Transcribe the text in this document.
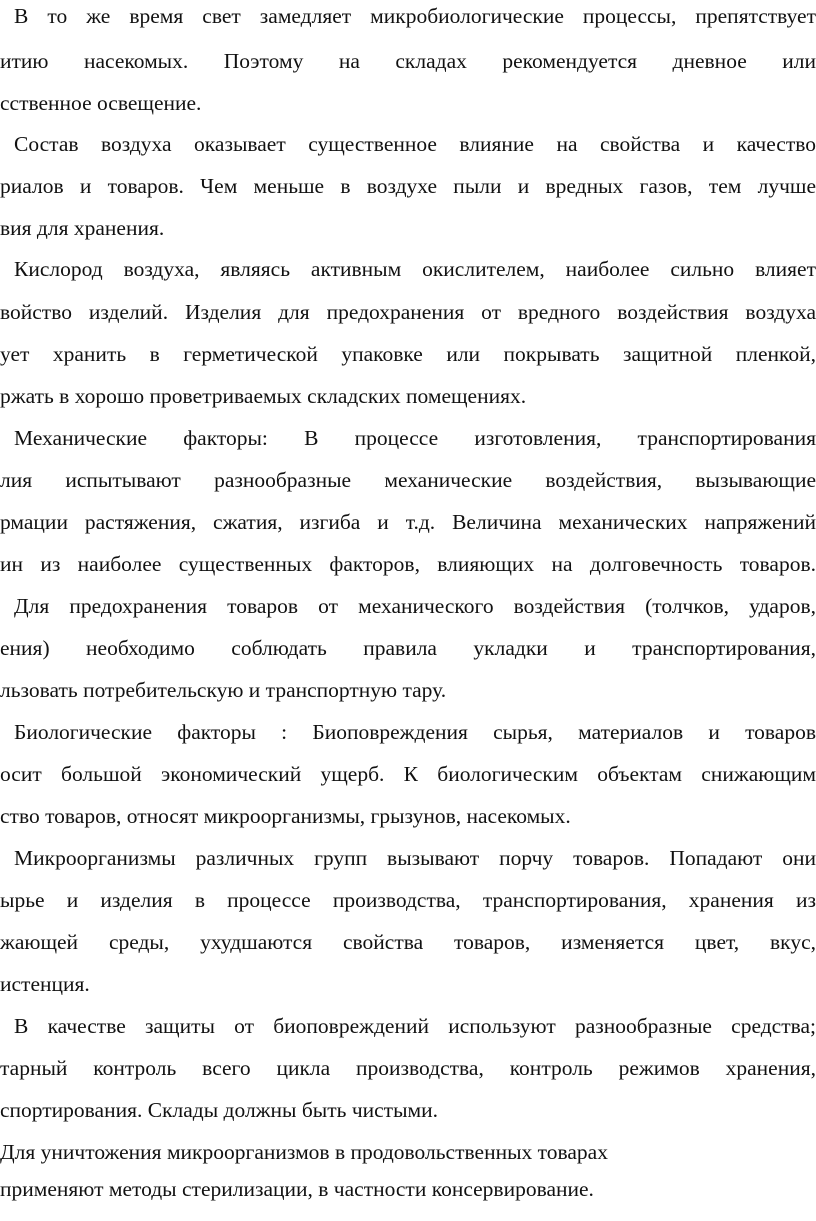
В то же время свет замедляет микробиологические процессы, препятствует
итию насекомых. Поэтому на складах рекомендуется дневное или
сственное освещение.
Состав воздуха оказывает существенное влияние на свойства и качество
риалов и товаров. Чем меньше в воздухе пыли и вредных газов, тем лучше
вия для хранения.
Кислород воздуха, являясь активным окислителем, наиболее сильно влияет
войство изделий. Изделия для предохранения от вредного воздействия воздуха
ует хранить в герметической упаковке или покрывать защитной пленкой,
ржать в хорошо проветриваемых складских помещениях.
Механические факторы: В процессе изготовления, транспортирования
лия испытывают разнообразные механические воздействия, вызывающие
рмации растяжения, сжатия, изгиба и т.д. Величина механических напряжений
ин из наиболее существенных факторов, влияющих на долговечность товаров.
Для предохранения товаров от механического воздействия (толчков, ударов,
ения) необходимо соблюдать правила укладки и транспортирования,
льзовать потребительскую и транспортную тару.
Биологические факторы : Биоповреждения сырья, материалов и товаров
осит большой экономический ущерб. К биологическим объектам снижающим
ство товаров, относят микроорганизмы, грызунов, насекомых.
Микроорганизмы различных групп вызывают порчу товаров. Попадают они
ырье и изделия в процессе производства, транспортирования, хранения из
жающей среды, ухудшаются свойства товаров, изменяется цвет, вкус,
истенция.
В качестве защиты от биоповреждений используют разнообразные средства;
тарный контроль всего цикла производства, контроль режимов хранения,
спортирования. Склады должны быть чистыми.
Для уничтожения микроорганизмов в продовольственных товарах
применяют методы стерилизации, в частности консервирование.
